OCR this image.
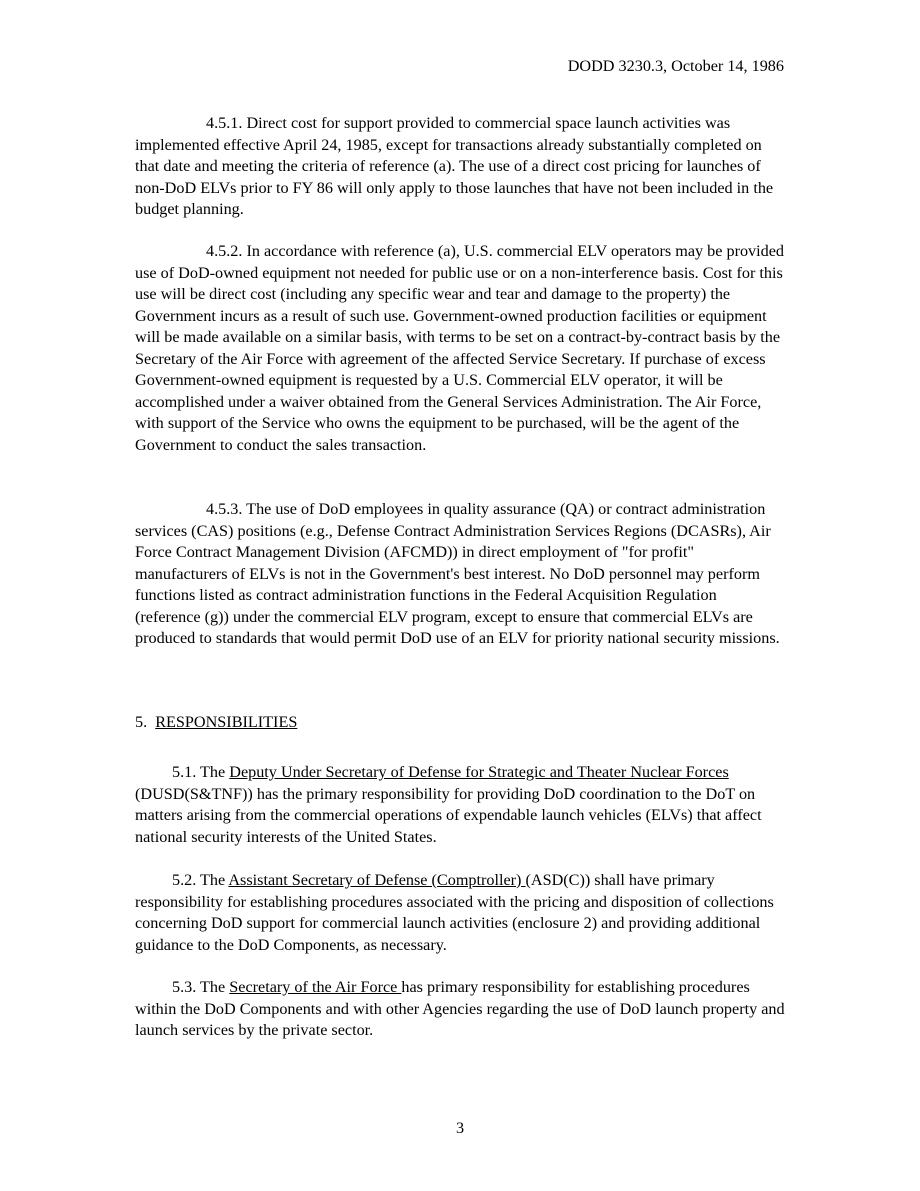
DODD 3230.3, October 14, 1986

4.5.1. Direct cost for support provided to commercial space launch activities was implemented effective April 24, 1985, except for transactions already substantially completed on that date and meeting the criteria of reference (a). The use of a direct cost pricing for launches of non-DoD ELVs prior to FY 86 will only apply to those launches that have not been included in the budget planning.

4.5.2. In accordance with reference (a), U.S. commercial ELV operators may be provided use of DoD-owned equipment not needed for public use or on a non-interference basis. Cost for this use will be direct cost (including any specific wear and tear and damage to the property) the Government incurs as a result of such use. Government-owned production facilities or equipment will be made available on a similar basis, with terms to be set on a contract-by-contract basis by the Secretary of the Air Force with agreement of the affected Service Secretary. If purchase of excess Government-owned equipment is requested by a U.S. Commercial ELV operator, it will be accomplished under a waiver obtained from the General Services Administration. The Air Force, with support of the Service who owns the equipment to be purchased, will be the agent of the Government to conduct the sales transaction.

4.5.3. The use of DoD employees in quality assurance (QA) or contract administration services (CAS) positions (e.g., Defense Contract Administration Services Regions (DCASRs), Air Force Contract Management Division (AFCMD)) in direct employment of "for profit" manufacturers of ELVs is not in the Government's best interest. No DoD personnel may perform functions listed as contract administration functions in the Federal Acquisition Regulation (reference (g)) under the commercial ELV program, except to ensure that commercial ELVs are produced to standards that would permit DoD use of an ELV for priority national security missions.

5. RESPONSIBILITIES

5.1. The Deputy Under Secretary of Defense for Strategic and Theater Nuclear Forces (DUSD(S&TNF)) has the primary responsibility for providing DoD coordination to the DoT on matters arising from the commercial operations of expendable launch vehicles (ELVs) that affect national security interests of the United States.

5.2. The Assistant Secretary of Defense (Comptroller) (ASD(C)) shall have primary responsibility for establishing procedures associated with the pricing and disposition of collections concerning DoD support for commercial launch activities (enclosure 2) and providing additional guidance to the DoD Components, as necessary.

5.3. The Secretary of the Air Force has primary responsibility for establishing procedures within the DoD Components and with other Agencies regarding the use of DoD launch property and launch services by the private sector.

3
